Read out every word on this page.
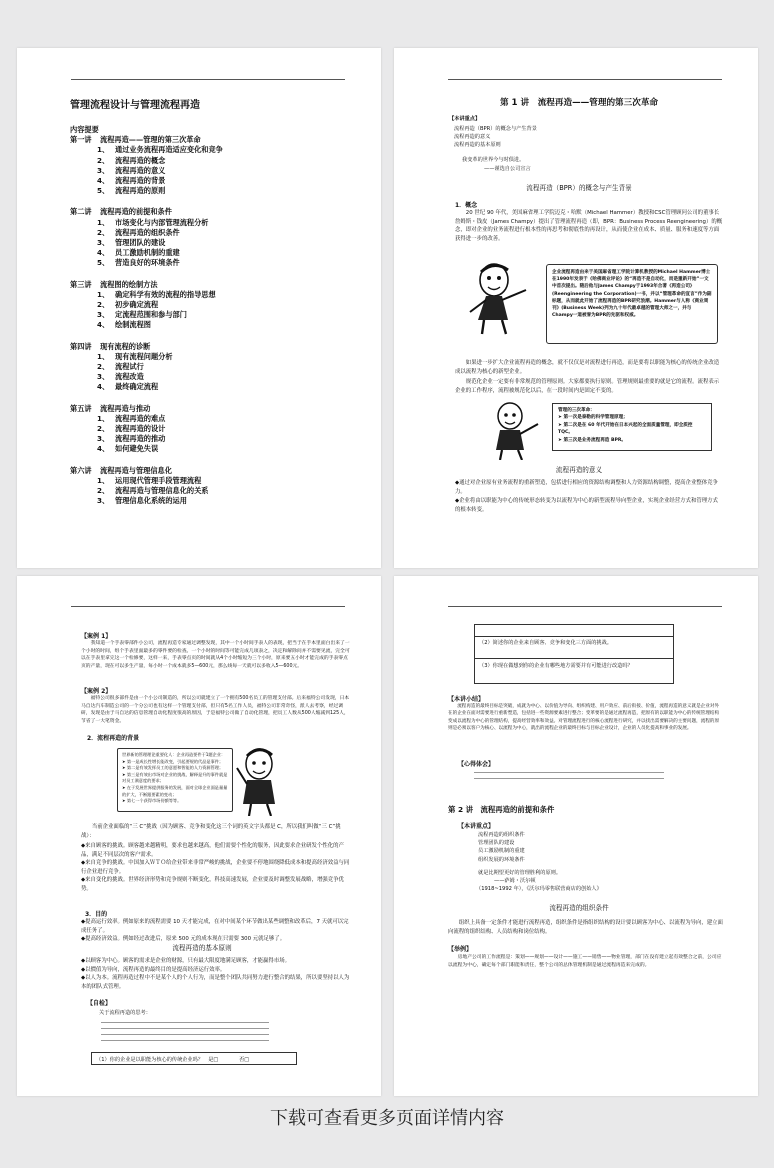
管理流程设计与管理流程再造
内容提要
第一讲 流程再造——管理的第三次革命
1、 通过业务流程再造适应变化和竞争
2、 流程再造的概念
3、 流程再造的意义
4、 流程再造的背景
5、 流程再造的原则
第二讲 流程再造的前提和条件
1、 市场变化与内部管理流程分析
2、 流程再造的组织条件
3、 管理团队的建设
4、 员工激励机制的重建
5、 营造良好的环境条件
第三讲 流程图的绘制方法
1、 确定科学有效的流程的指导思想
2、 初步确定流程
3、 定流程范围和参与部门
4、 绘制流程图
第四讲 现有流程的诊断
1、 现有流程问题分析
2、 流程试行
3、 流程改造
4、 最终确定流程
第五讲 流程再造与推动
1、 流程再造的难点
2、 流程再造的设计
3、 流程再造的推动
4、 如何避免失误
第六讲 流程再造与管理信息化
1、 运用现代管理手段管理流程
2、 流程再造与管理信息化的关系
3、 管理信息化系统的运用
第 1 讲　流程再造——管理的第三次革命
【本讲重点】
流程再造（BPR）的概念与产生背景
流程再造的意义
流程再造的基本原则
我变革的世界今与时俱进。
——谨选自公司宣言
流程再造（BPR）的概念与产生背景
1．概念
20 世纪 90 年代，美国麻省理工学院迈克・哈默（Michael Hammer）教授和CSC管理顾问公司的董事长詹姆斯・钱皮（James Champy）提出了管理流程再造（即，BPR：Business Process Reengineering）的概念，即对企业的业务流程进行根本性的再思考和彻底性的再设计，从而使企业在成本、质量、服务和速度等方面获得进一步的改善。
企业流程再造由来于美国麻省理工学院计算机教授的Michael Hammer博士在1990年发表于《哈佛商业评论》的“再造不是自动化，而是重新开始”一文中首次提出。随后他与James Champy于1993年合著《再造公司》(Reengineering the Corporation)一书，并以“管理革命的宣言”作为副标题，从而就此开始了流程再造的BPR研究浪潮。Hammer与人称《商业周刊》(Business Week)列为九十年代最卓越的管理大师之一，并与Champy一道被誉为BPR的先驱和权威。
如果进一步扩大企业流程再造的概念，就不仅仅是对流程进行再造，而是要将以职能为核心的传统企业改造成以流程为核心的新型企业。
规范化企业一定要有非常规范的管理原则。大家都要执行原则。管理规则最重要的就是它的流程。流程表示企业的工作程序，流程被规范化以后，在一段时间内是固定不变的。
管理的三次革命：
➤ 第一次是泰勒的科学管理原理；
➤ 第二次是在 60 年代开始在日本兴起的全面质量管理，即全质控TQC。
➤ 第三次是业务流程再造 BPR。
流程再造的意义
◆通过对企业原有业务流程的重新塑造，包括进行相应的资源结构调整和人力资源结构调整，提高企业整体竞争力。
◆企业将由以职能为中心的传统形态转变为以流程为中心的新型流程导向型企业，实现企业经营方式和管理方式的根本转变。
【案例 1】
我知道一个手表零部件小公司，流程再造专家通过调整发现，其中一个小时间手表人的表现，把当于在手本里面白出来了一个小时的时间，组个手表里面最多的零件要的检查。一个小时的时间等可能完成几项表之，决定和解除问并不需要见流，完全可以在手表里拿完这一个检修要，这样一来，手表零点页的时间就从4个小时缩短为三个小时，原来要五小时才能完成的手表零点页的产量，现在可以多生产量，每小时一个成本就多5—600元，那么线每一天就可以多收入5—600元。
【案例 2】
福特公司很多部件是由一个小公司制造的，所以公司就建立了一个拥有500名员工的管理支付部。后来福特公司发现，日本马自达汽车制造公司的一个分公司也有这样一个管理支付部，但只有5名工作人员，福特公司非常奇怪，派人去考察，经过调研，发现是由于马自达的信息管理自动化程度很高的原因，于是福特公司做了自动化管理，把员工人数从500人缩减到125人，节省了一大笔资金。
2．流程再造的背景
世界新的管理理论重要化人：企业再造要件于1题企业：
➤ 第一是成长性增长能改变，引起要规的代品是事件；
➤ 第二是有效发挥员工的意愿和智能的人力资源管理；
➤ 第三是有效出市场对企业的挑战，解释是升的事件就是对员工满意度的要求；
➤ 在于发展世界提供服务的发展，面对全球企业面是量量的扩大，不断跟要素的变动；
➤ 第七一个获得市场份额等等。
当前企业面临的“三 C”挑战（因为顾客、竞争和变化这三个词的英文字头都是 C，所以我们叫做“三 C”挑战）：
◆来自顾客的挑战。顾客越来越精明，要求也越来越高，他们需要个性化的服务，因此要求企业研发个性化的产品，满足不同层次的客户需求。
◆来自竞争的挑战。中国加入ＷＴＯ给企业带来非常严峻的挑战，企业要不停地围绕降低成本和提高经济效益与同行企业进行竞争。
◆来自变化的挑战。世界经济形势和竞争规则不断变化，科技高速发展，企业要及时调整发展战略，增强竞争优势。
3．目的
◆提高运行效率。例如原来的流程需要 10 天才能完成，在对中间某个环节做出某些调整和改革后，7 天就可以完成任务了。
◆提高经济效益。例如经过改进后，原来 500 元的成本现在只需要 300 元就足够了。
流程再造的基本原则
◆以顾客为中心。顾客的需求是企业的财源，只有最大限度地满足顾客，才能赢得市场。
◆以價值为导向，流程再造的最终目的是提高经济运行效率。
◆以人为本。流程再造过程中不是某个人的个人行为，而是整个团队共同努力进行整合的结果，所以要坚持以人为本的团队式管理。
【自检】
关于流程再造的思考：
（1）你的企业是以职能为核心的传统企业吗？　是□　　　　否□
（2）简述你的企业来自顾客、竞争和变化三方面的挑战。
（3）你现在做想到你的企业有哪些地方需要并有可能进行改造吗？
【本讲小结】
流程再造的最终目标是突破，成就为中心、以价值为导向、组织构建、用户效应、前后衔接、价值，流程再造的意义就是企业对外在的企业在面对需要进行重新塑造，包括进一些资源要素进行整合；变革要的是通过流程再造，把原有的以职能为中心的传统管理结构变成以流程为中心的管理结构，提高经营效率和效益。对管理流程进行的核心流程进行研究，并以找出需要解决的主要问题，流程的原则是必须以客户为核心、以流程为中心，就出的流程企业的最终目标与目标企业设计，企业的人员化提高和事业的发展。
【心得体会】
第 2 讲　流程再造的前提和条件
【本讲重点】
流程再造的组织条件
管理团队的建设
员工激励机制的重建
组织发展的环境条件
就是比期望更好的管理胜利的原则。
——萨姆・沃尔顿
（1918~1992 年），《沃尔玛零售联营商店的创始人》
流程再造的组织条件
组织上具备一定条件才能进行流程再造，组织条件是指组织结构的设计要以顾客为中心、以流程为导向，建立面向流程的组织结构、人员结构和岗位结构。
【举例】
房地产公司的工作流程是：策划——规划——设计——施工——销售——物业管理，部门在没有建立起有效整合之前，公司应以流程为中心，确定每个部门职能和责任，整个公司的总体管理机制是通过流程再造来完成的。
下载可查看更多页面详情内容
